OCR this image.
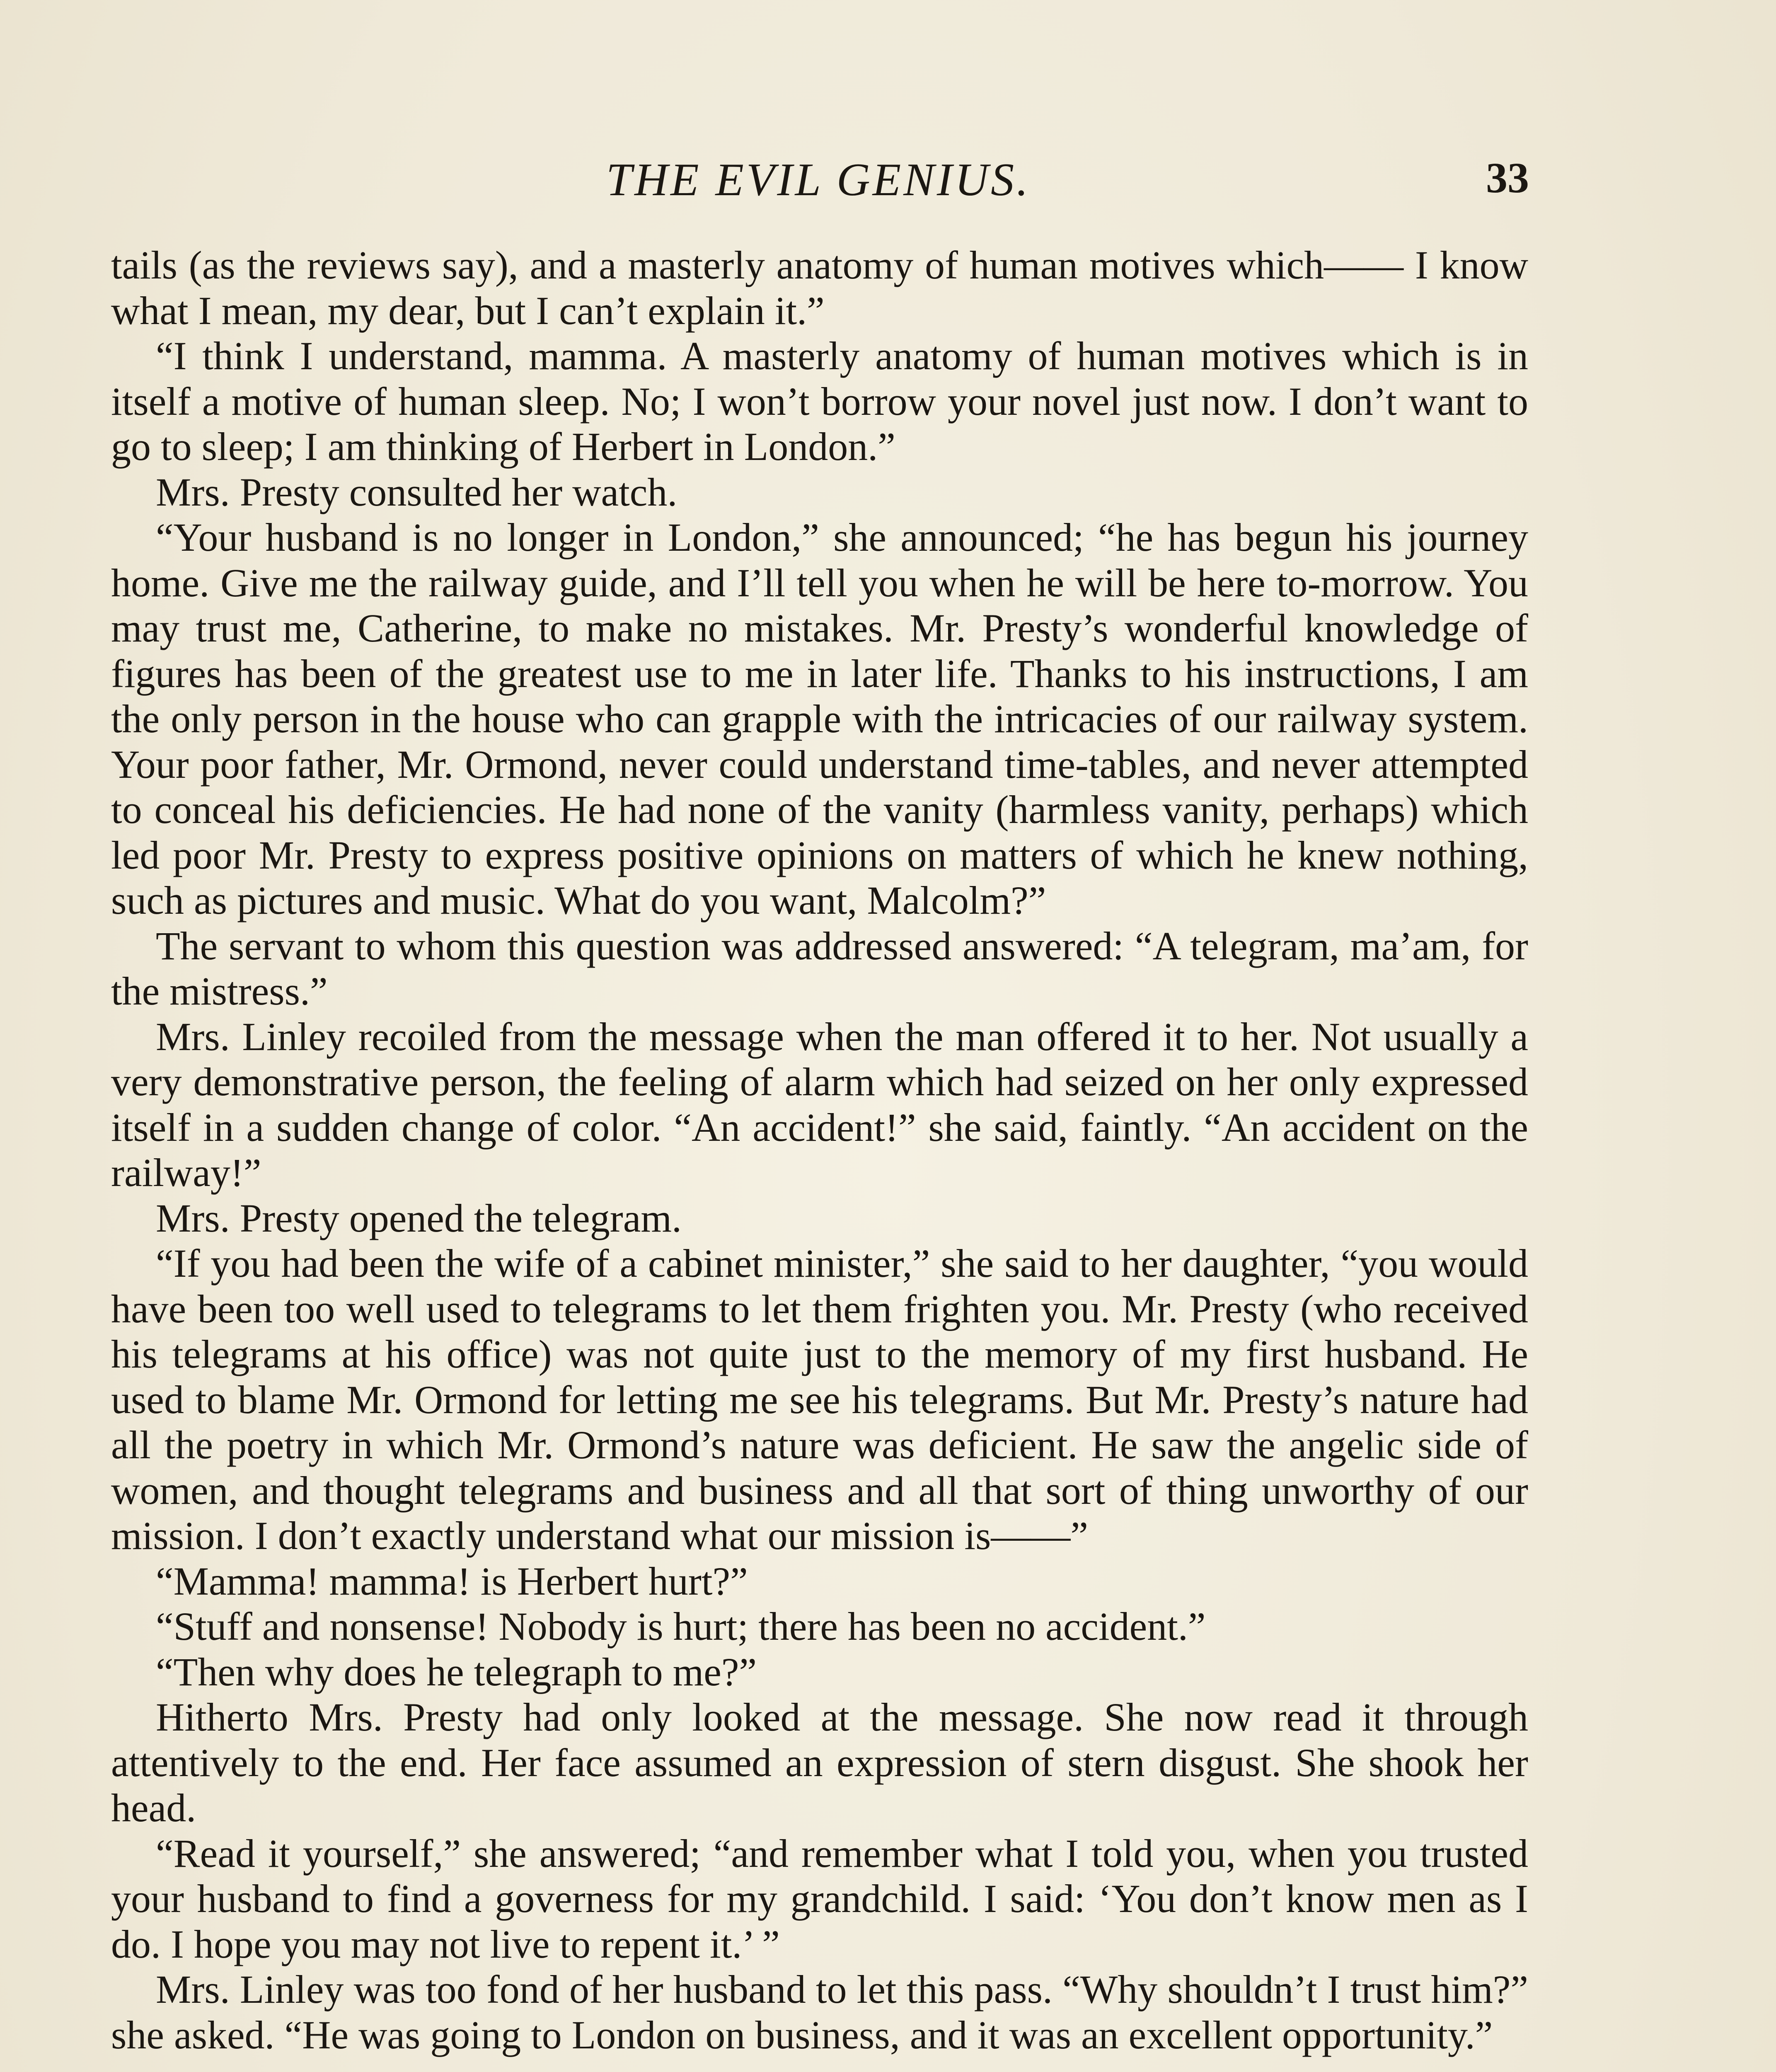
THE EVIL GENIUS.	33

tails (as the reviews say), and a masterly anatomy of human motives which—— I know what I mean, my dear, but I can’t explain it.”

“I think I understand, mamma. A masterly anatomy of human motives which is in itself a motive of human sleep. No; I won’t borrow your novel just now. I don’t want to go to sleep; I am thinking of Herbert in London.”

Mrs. Presty consulted her watch.

“Your husband is no longer in London,” she announced; “he has begun his journey home. Give me the railway guide, and I’ll tell you when he will be here to-morrow. You may trust me, Catherine, to make no mistakes. Mr. Presty’s wonderful knowledge of figures has been of the greatest use to me in later life. Thanks to his instructions, I am the only person in the house who can grapple with the intricacies of our railway system. Your poor father, Mr. Ormond, never could understand time-tables, and never attempted to conceal his deficiencies. He had none of the vanity (harmless vanity, perhaps) which led poor Mr. Presty to express positive opinions on matters of which he knew nothing, such as pictures and music. What do you want, Malcolm?”

The servant to whom this question was addressed answered: “A telegram, ma’am, for the mistress.”

Mrs. Linley recoiled from the message when the man offered it to her. Not usually a very demonstrative person, the feeling of alarm which had seized on her only expressed itself in a sudden change of color. “An accident!” she said, faintly. “An accident on the railway!”

Mrs. Presty opened the telegram.

“If you had been the wife of a cabinet minister,” she said to her daughter, “you would have been too well used to telegrams to let them frighten you. Mr. Presty (who received his telegrams at his office) was not quite just to the memory of my first husband. He used to blame Mr. Ormond for letting me see his telegrams. But Mr. Presty’s nature had all the poetry in which Mr. Ormond’s nature was deficient. He saw the angelic side of women, and thought telegrams and business and all that sort of thing unworthy of our mission. I don’t exactly understand what our mission is——”

“Mamma! mamma! is Herbert hurt?”

“Stuff and nonsense! Nobody is hurt; there has been no accident.”

“Then why does he telegraph to me?”

Hitherto Mrs. Presty had only looked at the message. She now read it through attentively to the end. Her face assumed an expression of stern disgust. She shook her head.

“Read it yourself,” she answered; “and remember what I told you, when you trusted your husband to find a governess for my grandchild. I said: ‘You don’t know men as I do. I hope you may not live to repent it.’ ”

Mrs. Linley was too fond of her husband to let this pass. “Why shouldn’t I trust him?” she asked. “He was going to London on business, and it was an excellent opportunity.”
